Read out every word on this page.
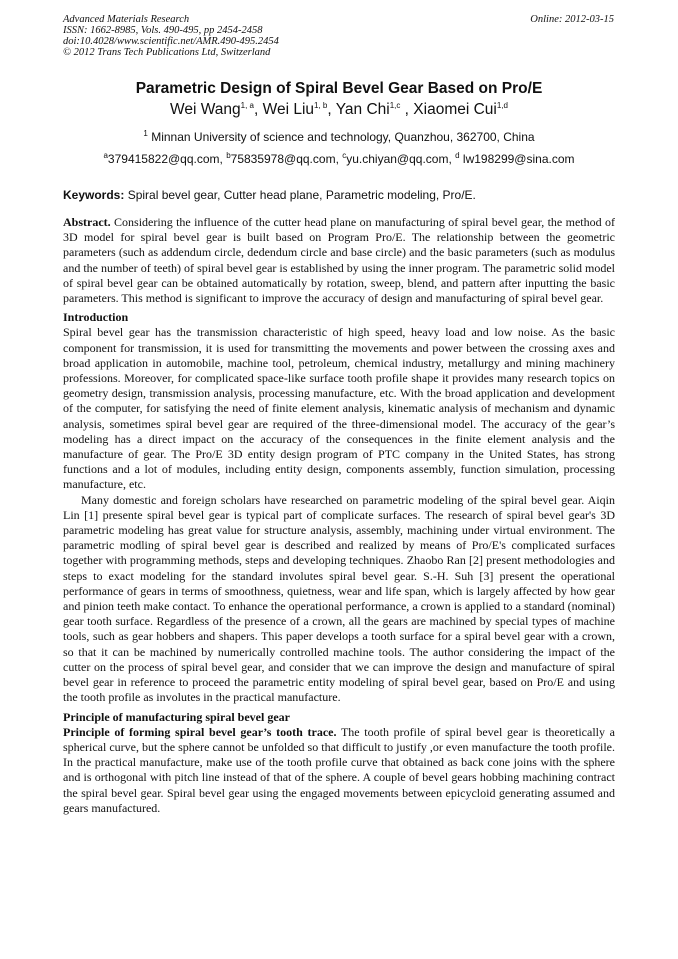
Advanced Materials Research
ISSN: 1662-8985, Vols. 490-495, pp 2454-2458
doi:10.4028/www.scientific.net/AMR.490-495.2454
© 2012 Trans Tech Publications Ltd, Switzerland
Online: 2012-03-15
Parametric Design of Spiral Bevel Gear Based on Pro/E
Wei Wang$^{1, a}$, Wei Liu$^{1, b}$, Yan Chi$^{1,c}$ , Xiaomei Cui$^{1,d}$
$^1$ Minnan University of science and technology, Quanzhou, 362700, China
$^a$379415822@qq.com, $^b$75835978@qq.com, $^c$yu.chiyan@qq.com, $^d$ lw198299@sina.com
Keywords: Spiral bevel gear, Cutter head plane, Parametric modeling, Pro/E.

Abstract. Considering the influence of the cutter head plane on manufacturing of spiral bevel gear, the method of 3D model for spiral bevel gear is built based on Program Pro/E. The relationship between the geometric parameters (such as addendum circle, dedendum circle and base circle) and the basic parameters (such as modulus and the number of teeth) of spiral bevel gear is established by using the inner program. The parametric solid model of spiral bevel gear can be obtained automatically by rotation, sweep, blend, and pattern after inputting the basic parameters. This method is significant to improve the accuracy of design and manufacturing of spiral bevel gear.

Introduction

Spiral bevel gear has the transmission characteristic of high speed, heavy load and low noise. As the basic component for transmission, it is used for transmitting the movements and power between the crossing axes and broad application in automobile, machine tool, petroleum, chemical industry, metallurgy and mining machinery professions. Moreover, for complicated space-like surface tooth profile shape it provides many research topics on geometry design, transmission analysis, processing manufacture, etc. With the broad application and development of the computer, for satisfying the need of finite element analysis, kinematic analysis of mechanism and dynamic analysis, sometimes spiral bevel gear are required of the three-dimensional model. The accuracy of the gear’s modeling has a direct impact on the accuracy of the consequences in the finite element analysis and the manufacture of gear. The Pro/E 3D entity design program of PTC company in the United States, has strong functions and a lot of modules, including entity design, components assembly, function simulation, processing manufacture, etc.

Many domestic and foreign scholars have researched on parametric modeling of the spiral bevel gear. Aiqin Lin [1] presente spiral bevel gear is typical part of complicate surfaces. The research of spiral bevel gear's 3D parametric modeling has great value for structure analysis, assembly, machining under virtual environment. The parametric modling of spiral bevel gear is described and realized by means of Pro/E's complicated surfaces together with programming methods, steps and developing techniques. Zhaobo Ran [2] present methodologies and steps to exact modeling for the standard involutes spiral bevel gear. S.-H. Suh [3] present the operational performance of gears in terms of smoothness, quietness, wear and life span, which is largely affected by how gear and pinion teeth make contact. To enhance the operational performance, a crown is applied to a standard (nominal) gear tooth surface. Regardless of the presence of a crown, all the gears are machined by special types of machine tools, such as gear hobbers and shapers. This paper develops a tooth surface for a spiral bevel gear with a crown, so that it can be machined by numerically controlled machine tools. The author considering the impact of the cutter on the process of spiral bevel gear, and consider that we can improve the design and manufacture of spiral bevel gear in reference to proceed the parametric entity modeling of spiral bevel gear, based on Pro/E and using the tooth profile as involutes in the practical manufacture.

Principle of manufacturing spiral bevel gear

Principle of forming spiral bevel gear’s tooth trace. The tooth profile of spiral bevel gear is theoretically a spherical curve, but the sphere cannot be unfolded so that difficult to justify ,or even manufacture the tooth profile. In the practical manufacture, make use of the tooth profile curve that obtained as back cone joins with the sphere and is orthogonal with pitch line instead of that of the sphere. A couple of bevel gears hobbing machining contract the spiral bevel gear. Spiral bevel gear using the engaged movements between epicycloid generating assumed and gears manufactured.
